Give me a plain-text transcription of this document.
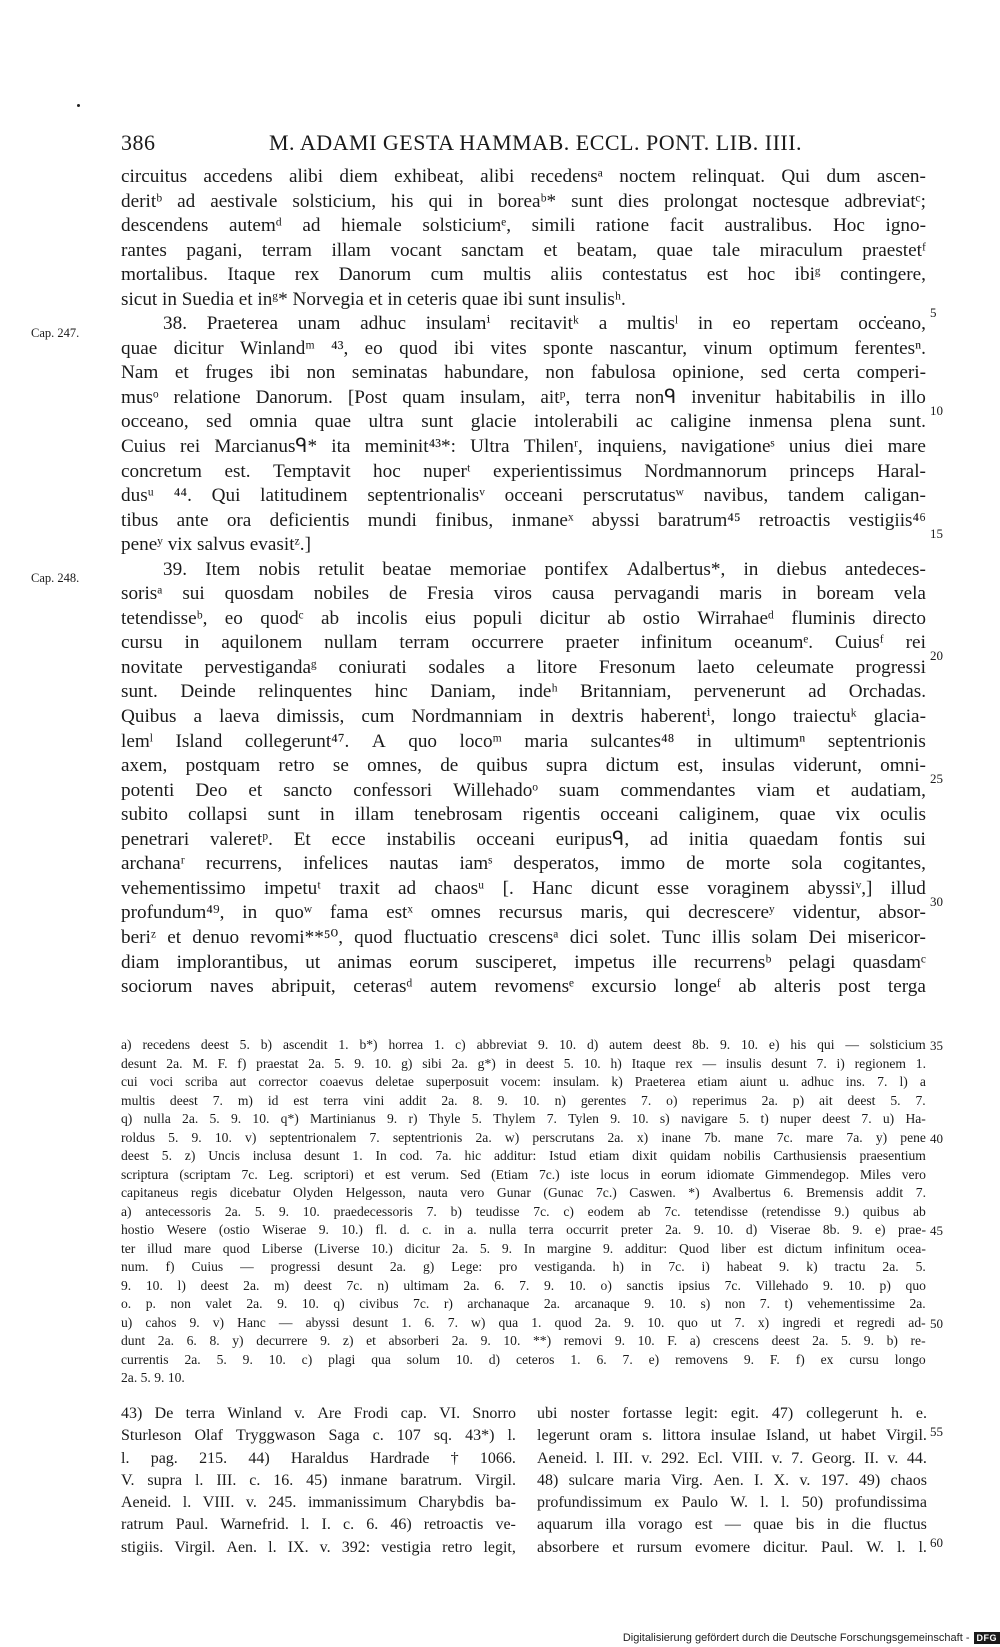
386	M. ADAMI GESTA HAMMAB. ECCL. PONT. LIB. IIII.
circuitus accedens alibi diem exhibeat, alibi recedensᵃ noctem relinquat. Qui dum ascen-
deritᵇ ad aestivale solsticium, his qui in boreaᵇ* sunt dies prolongat noctesque adbreviatᶜ;
descendens autemᵈ ad hiemale solsticiumᵉ, simili ratione facit australibus. Hoc igno-
rantes pagani, terram illam vocant sanctam et beatam, quae tale miraculum praestetᶠ
mortalibus. Itaque rex Danorum cum multis aliis contestatus est hoc ibiᵍ contingere,
sicut in Suedia et inᵍ* Norvegia et in ceteris quae ibi sunt insulisʰ.
38. Praeterea unam adhuc insulamⁱ recitavitᵏ a multisˡ in eo repertam occeano,
quae dicitur Winlandᵐ ⁴³, eo quod ibi vites sponte nascantur, vinum optimum ferentesⁿ.
Nam et fruges ibi non seminatas habundare, non fabulosa opinione, sed certa comperi-
musᵒ relatione Danorum. [Post quam insulam, aitᵖ, terra nonᑫ invenitur habitabilis in illo
occeano, sed omnia quae ultra sunt glacie intolerabili ac caligine inmensa plena sunt.
Cuius rei Marcianusᑫ* ita meminit⁴³*: Ultra Thilenʳ, inquiens, navigationeˢ unius diei mare
concretum est. Temptavit hoc nuperᵗ experientissimus Nordmannorum princeps Haral-
dusᵘ ⁴⁴. Qui latitudinem septentrionalisᵛ occeani perscrutatusʷ navibus, tandem caligan-
tibus ante ora deficientis mundi finibus, inmaneˣ abyssi baratrum⁴⁵ retroactis vestigiis⁴⁶
peneʸ vix salvus evasitᶻ.]
39. Item nobis retulit beatae memoriae pontifex Adalbertus*, in diebus antedeces-
sorisᵃ sui quosdam nobiles de Fresia viros causa pervagandi maris in boream vela
tetendisseᵇ, eo quodᶜ ab incolis eius populi dicitur ab ostio Wirrahaeᵈ fluminis directo
cursu in aquilonem nullam terram occurrere praeter infinitum oceanumᵉ. Cuiusᶠ rei
novitate pervestigandaᵍ coniurati sodales a litore Fresonum laeto celeumate progressi
sunt. Deinde relinquentes hinc Daniam, indeʰ Britanniam, pervenerunt ad Orchadas.
Quibus a laeva dimissis, cum Nordmanniam in dextris haberentⁱ, longo traiectuᵏ glacia-
lemˡ Island collegerunt⁴⁷. A quo locoᵐ maria sulcantes⁴⁸ in ultimumⁿ septentrionis
axem, postquam retro se omnes, de quibus supra dictum est, insulas viderunt, omni-
potenti Deo et sancto confessori Willehadoᵒ suam commendantes viam et audatiam,
subito collapsi sunt in illam tenebrosam rigentis occeani caliginem, quae vix oculis
penetrari valeretᵖ. Et ecce instabilis occeani euripusᑫ, ad initia quaedam fontis sui
archanaʳ recurrens, infelices nautas iamˢ desperatos, immo de morte sola cogitantes,
vehementissimo impetuᵗ traxit ad chaosᵘ [. Hanc dicunt esse voraginem abyssiᵛ,] illud
profundum⁴⁹, in quoʷ fama estˣ omnes recursus maris, qui decrescereʸ videntur, absor-
beriᶻ et denuo revomi**⁵⁰, quod fluctuatio crescensᵃ dici solet. Tunc illis solam Dei misericor-
diam implorantibus, ut animas eorum susciperet, impetus ille recurrensᵇ pelagi quasdamᶜ
sociorum naves abripuit, ceterasᵈ autem revomensᵉ excursio longeᶠ ab alteris post terga
Cap. 247.
Cap. 248.
5
10
15
20
25
30
a) recedens deest 5. b) ascendit 1. b*) horrea 1. c) abbreviat 9. 10. d) autem deest 8b. 9. 10. e) his qui — solsticium
desunt 2a. M. F. f) praestat 2a. 5. 9. 10. g) sibi 2a. g*) in deest 5. 10. h) Itaque rex — insulis desunt 7. i) regionem 1.
cui voci scriba aut corrector coaevus deletae superposuit vocem: insulam. k) Praeterea etiam aiunt u. adhuc ins. 7. l) a
multis deest 7. m) id est terra vini addit 2a. 8. 9. 10. n) gerentes 7. o) reperimus 2a. p) ait deest 5. 7.
q) nulla 2a. 5. 9. 10. q*) Martinianus 9. r) Thyle 5. Thylem 7. Tylen 9. 10. s) navigare 5. t) nuper deest 7. u) Ha-
roldus 5. 9. 10. v) septentrionalem 7. septentrionis 2a. w) perscrutans 2a. x) inane 7b. mane 7c. mare 7a. y) pene
deest 5. z) Uncis inclusa desunt 1. In cod. 7a. hic additur: Istud etiam dixit quidam nobilis Carthusiensis praesentium
scriptura (scriptam 7c. Leg. scriptori) et est verum. Sed (Etiam 7c.) iste locus in eorum idiomate Gimmendegop. Miles vero
capitaneus regis dicebatur Olyden Helgesson, nauta vero Gunar (Gunac 7c.) Caswen. *) Avalbertus 6. Bremensis addit 7.
a) antecessoris 2a. 5. 9. 10. praedecessoris 7. b) teudisse 7c. c) eodem ab 7c. tetendisse (retendisse 9.) quibus ab
hostio Wesere (ostio Wiserae 9. 10.) fl. d. c. in a. nulla terra occurrit preter 2a. 9. 10. d) Viserae 8b. 9. e) prae-
ter illud mare quod Liberse (Liverse 10.) dicitur 2a. 5. 9. In margine 9. additur: Quod liber est dictum infinitum ocea-
num. f) Cuius — progressi desunt 2a. g) Lege: pro vestiganda. h) in 7c. i) habeat 9. k) tractu 2a. 5.
9. 10. l) deest 2a. m) deest 7c. n) ultimam 2a. 6. 7. 9. 10. o) sanctis ipsius 7c. Villehado 9. 10. p) quo
o. p. non valet 2a. 9. 10. q) civibus 7c. r) archanaque 2a. arcanaque 9. 10. s) non 7. t) vehementissime 2a.
u) cahos 9. v) Hanc — abyssi desunt 1. 6. 7. w) qua 1. quod 2a. 9. 10. quo ut 7. x) ingredi et regredi ad-
dunt 2a. 6. 8. y) decurrere 9. z) et absorberi 2a. 9. 10. **) removi 9. 10. F. a) crescens deest 2a. 5. 9. b) re-
currentis 2a. 5. 9. 10. c) plagi qua solum 10. d) ceteros 1. 6. 7. e) removens 9. F. f) ex cursu longo
2a. 5. 9. 10.
35
40
45
50
43) De terra Winland v. Are Frodi cap. VI. Snorro
Sturleson Olaf Tryggwason Saga c. 107 sq. 43*) l.
l. pag. 215. 44) Haraldus Hardrade † 1066.
V. supra l. III. c. 16. 45) inmane baratrum. Virgil.
Aeneid. l. VIII. v. 245. immanissimum Charybdis ba-
ratrum Paul. Warnefrid. l. I. c. 6. 46) retroactis ve-
stigiis. Virgil. Aen. l. IX. v. 392: vestigia retro legit,
ubi noster fortasse legit: egit. 47) collegerunt h. e.
legerunt oram s. littora insulae Island, ut habet Virgil.
Aeneid. l. III. v. 292. Ecl. VIII. v. 7. Georg. II. v. 44.
48) sulcare maria Virg. Aen. I. X. v. 197. 49) chaos
profundissimum ex Paulo W. l. l. 50) profundissima
aquarum illa vorago est — quae bis in die fluctus
absorbere et rursum evomere dicitur. Paul. W. l. l.
55
60
Digitalisierung gefördert durch die Deutsche Forschungsgemeinschaft - DFG
